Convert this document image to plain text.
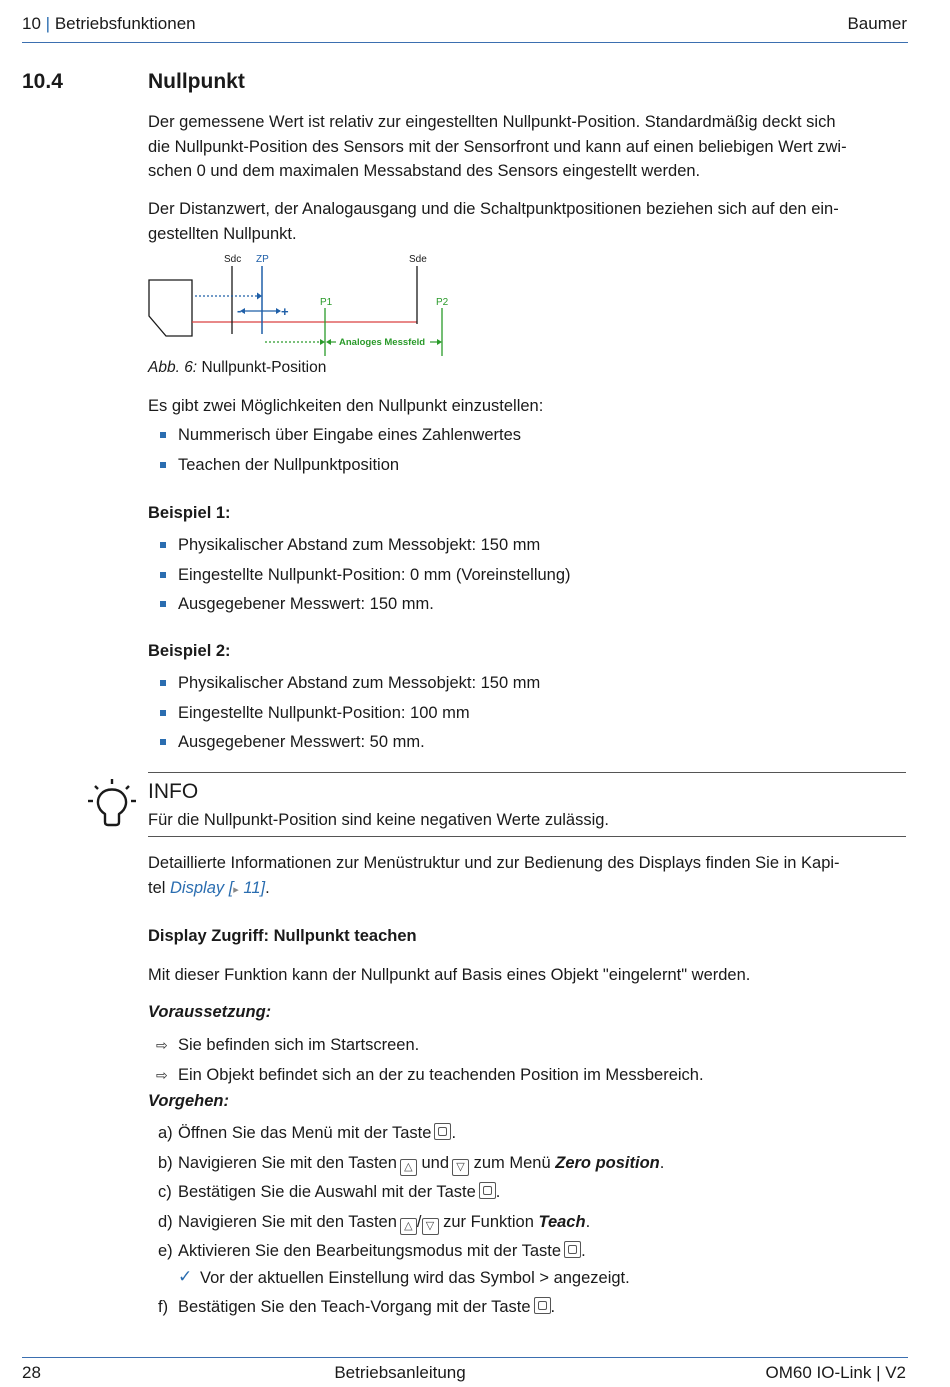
10 | Betriebsfunktionen	Baumer
10.4	Nullpunkt
Der gemessene Wert ist relativ zur eingestellten Nullpunkt-Position. Standardmäßig deckt sich
die Nullpunkt-Position des Sensors mit der Sensorfront und kann auf einen beliebigen Wert zwi-
schen 0 und dem maximalen Messabstand des Sensors eingestellt werden.
Der Distanzwert, der Analogausgang und die Schaltpunktpositionen beziehen sich auf den ein-
gestellten Nullpunkt.
Sdc ZP
-	+
Sde
P1	P2
Analoges Messfeld
Abb. 6: Nullpunkt-Position
Es gibt zwei Möglichkeiten den Nullpunkt einzustellen:
Nummerisch über Eingabe eines Zahlenwertes
Teachen der Nullpunktposition
Beispiel 1:
Physikalischer Abstand zum Messobjekt: 150 mm
Eingestellte Nullpunkt-Position: 0 mm (Voreinstellung)
Ausgegebener Messwert: 150 mm.
Beispiel 2:
Physikalischer Abstand zum Messobjekt: 150 mm
Eingestellte Nullpunkt-Position: 100 mm
Ausgegebener Messwert: 50 mm.
INFO
Für die Nullpunkt-Position sind keine negativen Werte zulässig.
Detaillierte Informationen zur Menüstruktur und zur Bedienung des Displays finden Sie in Kapi-
tel Display [▸ 11].
Display Zugriff: Nullpunkt teachen
Mit dieser Funktion kann der Nullpunkt auf Basis eines Objekt "eingelernt" werden.
Voraussetzung:
⇨ Sie befinden sich im Startscreen.
⇨ Ein Objekt befindet sich an der zu teachenden Position im Messbereich.
Vorgehen:
a) Öffnen Sie das Menü mit der Taste .
b) Navigieren Sie mit den Tasten △ und ▽ zum Menü Zero position.
c) Bestätigen Sie die Auswahl mit der Taste .
d) Navigieren Sie mit den Tasten △ / ▽ zur Funktion Teach.
e) Aktivieren Sie den Bearbeitungsmodus mit der Taste .
✓ Vor der aktuellen Einstellung wird das Symbol > angezeigt.
f) Bestätigen Sie den Teach-Vorgang mit der Taste .
28	Betriebsanleitung	OM60 IO-Link | V2
